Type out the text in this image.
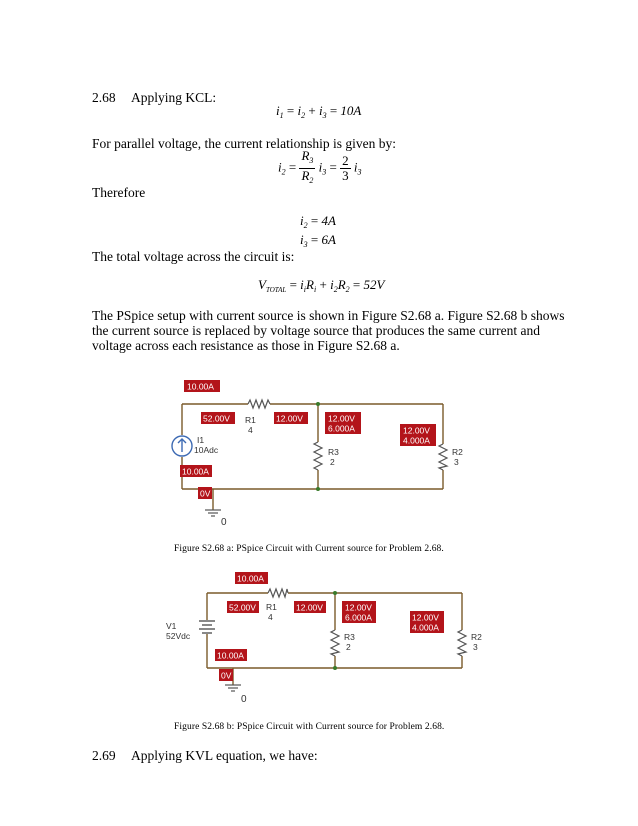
2.68 Applying KCL:
$i_1 = i_2 + i_3 = 10A$
For parallel voltage, the current relationship is given by:
$i_2 = \frac{R_3}{R_2} i_3 = \frac{2}{3} i_3$
Therefore
$i_2 = 4A$
$i_3 = 6A$
The total voltage across the circuit is:
$V_{TOTAL} = i_iR_i + i_2R_2 = 52V$
The PSpice setup with current source is shown in Figure S2.68 a. Figure S2.68 b shows
the current source is replaced by voltage source that produces the same current and
voltage across each resistance as those in Figure S2.68 a.
10.00A
52.00V	12.00V	12.00V
6.000A	12.00V
4.000A
10.00A
0V
R1
4
R3
2
R2
3
I1
10Adc
0
Figure S2.68 a: PSpice Circuit with Current source for Problem 2.68.
10.00A
52.00V	12.00V	12.00V
6.000A	12.00V
4.000A
10.00A
0V
R1
4
R3
2
R2
3
V1
52Vdc
0
Figure S2.68 b: PSpice Circuit with Current source for Problem 2.68.
2.69 Applying KVL equation, we have:
